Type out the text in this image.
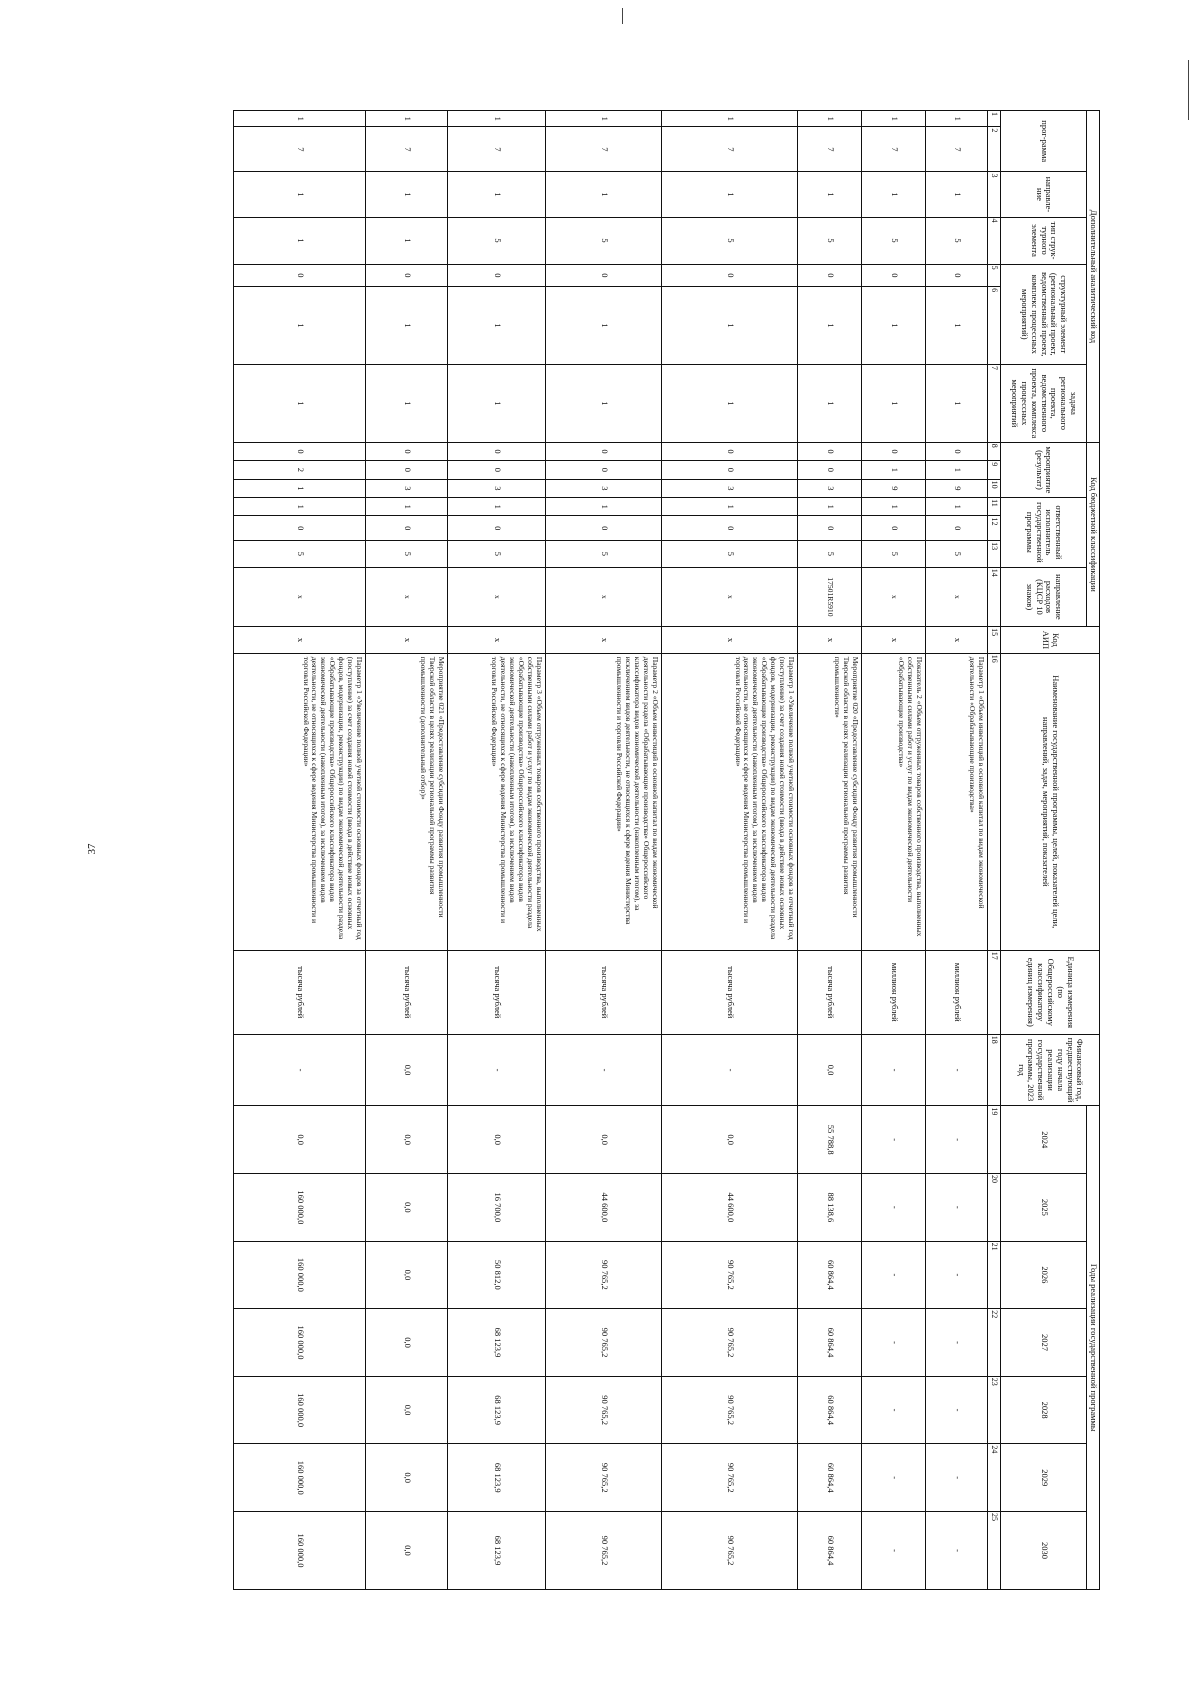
37
Дополнительный аналитический код							Код бюджетной классификации							Код АИП	Наименование государственной программы, целей, показателей цели, направлений, задач, мероприятий, показателей	Единица измерения (по Общероссийскому классификатору единиц измерения)	Финансовый год, предшествующий году начала реализации государственной программы, 2023 год	Годы реализации государственной программы						
прог-рамма		направле-ние	тип струк-турного элемента	структурный элемент (региональный проект, ведомственный проект, комплекс процессных мероприятий)		задача регионального проекта, ведомственного проекта, комплекса процессных мероприятий	мероприятие (результат)			ответственный исполнитель государственной программы			направление расходов (КЦСР 10 знаков)					2024	2025	2026	2027	2028	2029	2030

1	2	3	4	5	6	7	8	9	10	11	12	13	14	15	16	17	18	19	20	21	22	23	24	25
1	7	1	5	0	1	1	0	1	9	1	0	5	x	x	Параметр 1 «Объем инвестиций в основной капитал по видам экономической деятельности «Обрабатывающие производства»	миллион рублей	-	-	-	-	-	-	-	-
1	7	1	5	0	1	1	0	1	9	1	0	5	x	x	Показатель 2 «Объем отгруженных товаров собственного производства, выполненных собственными силами работ и услуг по видам экономической деятельности «Обрабатывающие производства»	миллион рублей	-	-	-	-	-	-	-	-
1	7	1	5	0	1	1	0	0	3	1	0	5	17501R5910	x	Мероприятие 020 «Предоставление субсидии Фонду развития промышленности Тверской области в целях реализации региональной программы развития промышленности»	тысяча рублей	0,0	55 788,8	88 138,6	60 864,4	60 864,4	60 864,4	60 864,4	60 864,4
1	7	1	5	0	1	1	0	0	3	1	0	5	x	x	Параметр 1 «Увеличение полной учетной стоимости основных фондов за отчетный год (поступление) за счет создания новой стоимости (ввода в действие новых основных фондов, модернизации, реконструкции) по видам экономической деятельности раздела «Обрабатывающие производства» Общероссийского классификатора видов экономической деятельности (накопленным итогом), за исключением видов деятельности, не относящихся к сфере ведения Министерства промышленности и торговли Российской Федерации»	тысяча рублей	-	0,0	44 600,0	90 765,2	90 765,2	90 765,2	90 765,2	90 765,2
1	7	1	5	0	1	1	0	0	3	1	0	5	x	x	Параметр 2 «Объем инвестиций в основной капитал по видам экономической деятельности раздела «Обрабатывающие производства» Общероссийского классификатора видов экономической деятельности (накопленным итогом), за исключением видов деятельности, не относящихся к сфере ведения Министерства промышленности и торговли Российской Федерации»	тысяча рублей	-	0,0	44 600,0	90 765,2	90 765,2	90 765,2	90 765,2	90 765,2
1	7	1	5	0	1	1	0	0	3	1	0	5	x	x	Параметр 3 «Объем отгруженных товаров собственного производства, выполненных собственными силами работ и услуг по видам экономической деятельности раздела «Обрабатывающие производства» Общероссийского классификатора видов экономической деятельности (накопленным итогом), за исключением видов деятельности, не относящихся к сфере ведения Министерства промышленности и торговли Российской Федерации»	тысяча рублей	-	0,0	16 700,0	50 812,0	68 123,9	68 123,9	68 123,9	68 123,9
1	7	1	1	0	1	1	0	0	3	1	0	5	x	x	Мероприятие 021 «Предоставление субсидии Фонду развития промышленности Тверской области в целях реализации региональной программы развития промышленности (дополнительный отбор)»	тысяча рублей	0,0	0,0	0,0	0,0	0,0	0,0	0,0	0,0
1	7	1	1	0	1	1	0	2	1	1	0	5	x	x	Параметр 1 «Увеличение полной учетной стоимости основных фондов за отчетный год (поступление) за счет создания новой стоимости (ввода в действие новых основных фондов, модернизации, реконструкции) по видам экономической деятельности раздела «Обрабатывающие производства» Общероссийского классификатора видов экономической деятельности (накопленным итогом), за исключением видов деятельности, не относящихся к сфере ведения Министерства промышленности и торговли Российской Федерации»	тысяча рублей	-	0,0	160 000,0	160 000,0	160 000,0	160 000,0	160 000,0	160 000,0
